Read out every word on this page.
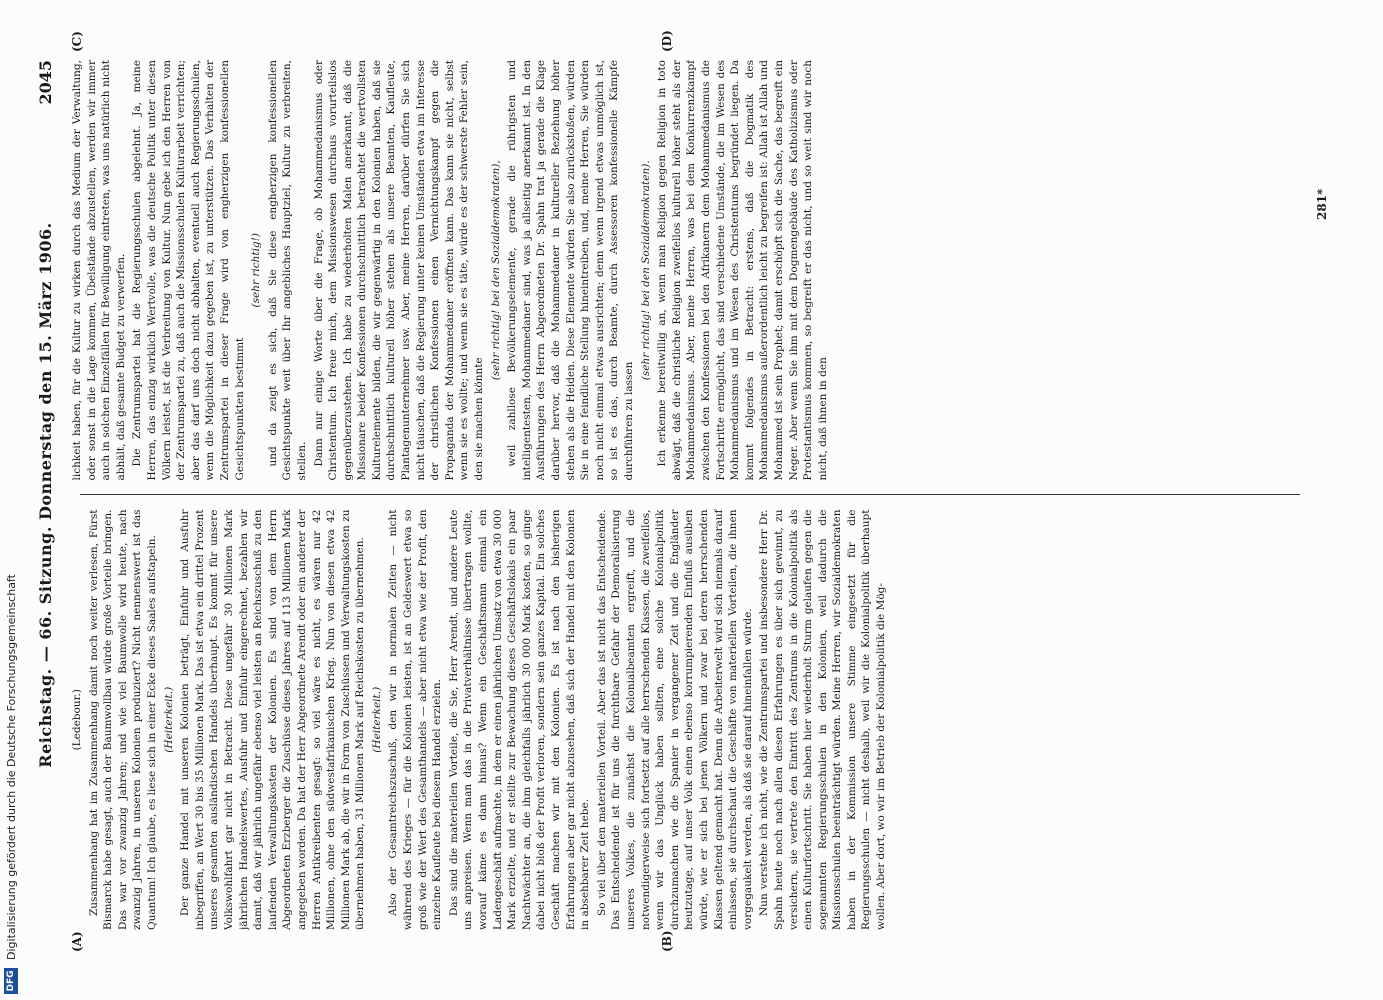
DFG
Digitalisierung gefördert durch die Deutsche Forschungsgemeinschaft Reichstag. — 66. Sitzung. Donnerstag den 15. März 1906.
2045
(A)	(B)
(C)	(D)

(Ledebour.) Zusammenhang hat im Zusammenhang damit noch weiter verlesen, Fürst Bismarck habe gesagt, auch der Baumwollbau würde große Vorteile bringen. Das war vor zwanzig Jahren; und wie viel Baumwolle wird heute, nach zwanzig Jahren, in unseren Kolonien produziert? Nicht nennenswert ist das Quantum! Ich glaube, es liese sich in einer Ecke dieses Saales aufstapeln. (Heiterkeit.) Der ganze Handel mit unseren Kolonien beträgt, Einfuhr und Ausfuhr inbegriffen, an Wert 30 bis 35 Millionen Mark. Das ist etwa ein drittel Prozent unseres gesamten ausländischen Handels überhaupt. Es kommt für unsere Volkswohlfahrt gar nicht in Betracht. Diese ungefähr 30 Millionen Mark jährlichen Handelswertes, Ausfuhr und Einfuhr eingerechnet, bezahlen wir damit, daß wir jährlich ungefähr ebenso viel leisten an Reichszuschuß zu den laufenden Verwaltungskosten der Kolonien. Es sind von dem Herrn Abgeordneten Erzberger die Zuschüsse dieses Jahres auf 113 Millionen Mark angegeben worden. Da hat der Herr Abgeordnete Arendt oder ein anderer der Herren Antikreibenten gesagt: so viel wäre es nicht, es wären nur 42 Millionen, ohne den südwestafrikanischen Krieg. Nun von diesen etwa 42 Millionen Mark ab, die wir in Form von Zuschüssen und Verwaltungskosten zu übernehmen haben, 31 Millionen Mark auf Reichskosten zu übernehmen. (Heiterkeit.) Also der Gesamtreichszuschuß, den wir in normalen Zeiten — nicht während des Krieges — für die Kolonien leisten, ist an Geldeswert etwa so groß wie der Wert des Gesamthandels — aber nicht etwa wie der Profit, den einzelne Kaufleute bei diesem Handel erzielen. Das sind die materiellen Vorteile, die Sie, Herr Arendt, und andere Leute uns anpreisen. Wenn man das in die Privatverhältnisse übertragen wollte, worauf käme es dann hinaus? Wenn ein Geschäftsmann einmal ein Ladengeschäft aufmachte, in dem er einen jährlichen Umsatz von etwa 30 000 Mark erzielte, und er stellte zur Bewachung dieses Geschäftslokals ein paar Nachtwächter an, die ihm gleichfalls jährlich 30 000 Mark kosten, so ginge dabei nicht bloß der Profit verloren, sondern sein ganzes Kapital. Ein solches Geschäft machen wir mit den Kolonien. Es ist nach den bisherigen Erfahrungen aber gar nicht abzusehen, daß sich der Handel mit den Kolonien in absehbarer Zeit hebe. So viel über den materiellen Vorteil. Aber das ist nicht das Entscheidende. Das Entscheidende ist für uns die furchtbare Gefahr der Demoralisierung unseres Volkes, die zunächst die Kolonialbeamten ergreift, und die notwendigerweise sich fortsetzt auf alle herrschenden Klassen, die zweifellos, wenn wir das Unglück haben sollten, eine solche Kolonialpolitik durchzumachen wie die Spanier in vergangener Zeit und die Engländer heutzutage, auf unser Volk einen ebenso korrumpierenden Einfluß ausüben würde, wie er sich bei jenen Völkern und zwar bei deren herrschenden Klassen geltend gemacht hat. Denn die Arbeiterwelt wird sich niemals darauf einlassen, sie durchschaut die Geschäfte von materiellen Vorteilen, die ihnen vorgegaukelt werden, als daß sie darauf hineinfallen würde. Nun verstehe ich nicht, wie die Zentrumspartei und insbesondere Herr Dr. Spahn heute noch nach allen diesen Erfahrungen es über sich gewinnt, zu versichern, sie vertrete den Eintritt des Zentrums in die Kolonialpolitik als einen Kulturfortschritt. Sie haben hier wiederholt Sturm gelaufen gegen die sogenannten Regierungsschulen in den Kolonien, weil dadurch die Missionsschulen beeinträchtigt würden. Meine Herren, wir Sozialdemokraten haben in der Kommission unsere Stimme eingesetzt für die Regierungsschulen — nicht deshalb, weil wir die Kolonialpolitik überhaupt wollen. Aber dort, wo wir im Betrieb der Kolonialpolitik die Mög-

lichkeit haben, für die Kultur zu wirken durch das Medium der Verwaltung, oder sonst in die Lage kommen, Übelstände abzustellen, werden wir immer auch in solchen Einzelfällen für Bewilligung eintreten, was uns natürlich nicht abhält, daß gesamte Budget zu verwerfen. Die Zentrumspartei hat die Regierungsschulen abgelehnt. Ja, meine Herren, das einzig wirklich Wertvolle, was die deutsche Politik unter diesen Völkern leistet, ist die Verbreitung von Kultur. Nun gebe ich den Herren von der Zentrumspartei zu, daß auch die Missionsschulen Kulturarbeit verrichten; aber das darf uns doch nicht abhalten, eventuell auch Regierungsschulen, wenn die Möglichkeit dazu gegeben ist, zu unterstützen. Das Verhalten der Zentrumspartei in dieser Frage wird von engherzigen konfessionellen Gesichtspunkten bestimmt

(sehr richtig!) und da zeigt es sich, daß Sie diese engherzigen konfessionellen Gesichtspunkte weit über Ihr angebliches Hauptziel, Kultur zu verbreiten, stellen. Dann nur einige Worte über die Frage, ob Mohammedanismus oder Christentum. Ich freue mich, dem Missionswesen durchaus vorurteilslos gegenüberzustehen. Ich habe zu wiederholten Malen anerkannt, daß die Missionare beider Konfessionen durchschnittlich betrachtet die wertvollsten Kulturelemente bilden, die wir gegenwärtig in den Kolonien haben, daß sie durchschnittlich kulturell höher stehen als unsere Beamten, Kaufleute, Plantagenunternehmer usw. Aber, meine Herren, darüber dürfen Sie sich nicht täuschen, daß die Regierung unter keinen Umständen etwa im Interesse der christlichen Konfessionen einen Vernichtungskampf gegen die Propaganda der Mohammedaner eröffnen kann. Das kann sie nicht, selbst wenn sie es wollte; und wenn sie es täte, würde es der schwerste Fehler sein, den sie machen könnte

(sehr richtig! bei den Sozialdemokraten), weil zahllose Bevölkerungselemente, gerade die rührigsten und intelligentesten, Mohammedaner sind, was ja allseitig anerkannt ist. In den Ausführungen des Herrn Abgeordneten Dr. Spahn trat ja gerade die Klage darüber hervor, daß die Mohammedaner in kultureller Beziehung höher stehen als die Heiden. Diese Elemente würden Sie also zurückstoßen, würden Sie in eine feindliche Stellung hineintreiben, und, meine Herren, Sie würden noch nicht einmal etwas ausrichten; denn wenn irgend etwas unmöglich ist, so ist es das, durch Beamte, durch Assessoren konfessionelle Kämpfe durchführen zu lassen

(sehr richtig! bei den Sozialdemokraten). Ich erkenne bereitwillig an, wenn man Religion gegen Religion in toto abwägt, daß die christliche Religion zweifellos kulturell höher steht als der Mohammedanismus. Aber, meine Herren, was bei dem Konkurrenzkampf zwischen den Konfessionen bei den Afrikanern dem Mohammedanismus die Fortschritte ermöglicht, das sind verschiedene Umstände, die im Wesen des Mohammedanismus und im Wesen des Christentums begründet liegen. Da kommt folgendes in Betracht: erstens, daß die Dogmatik des Mohammedanismus außerordentlich leicht zu begreifen ist: Allah ist Allah und Mohammed ist sein Prophet; damit erschöpft sich die Sache, das begreift ein Neger. Aber wenn Sie ihm mit dem Dogmengebäude des Katholizismus oder Protestantismus kommen, so begreift er das nicht, und so weit sind wir noch nicht, daß ihnen in den

281*
